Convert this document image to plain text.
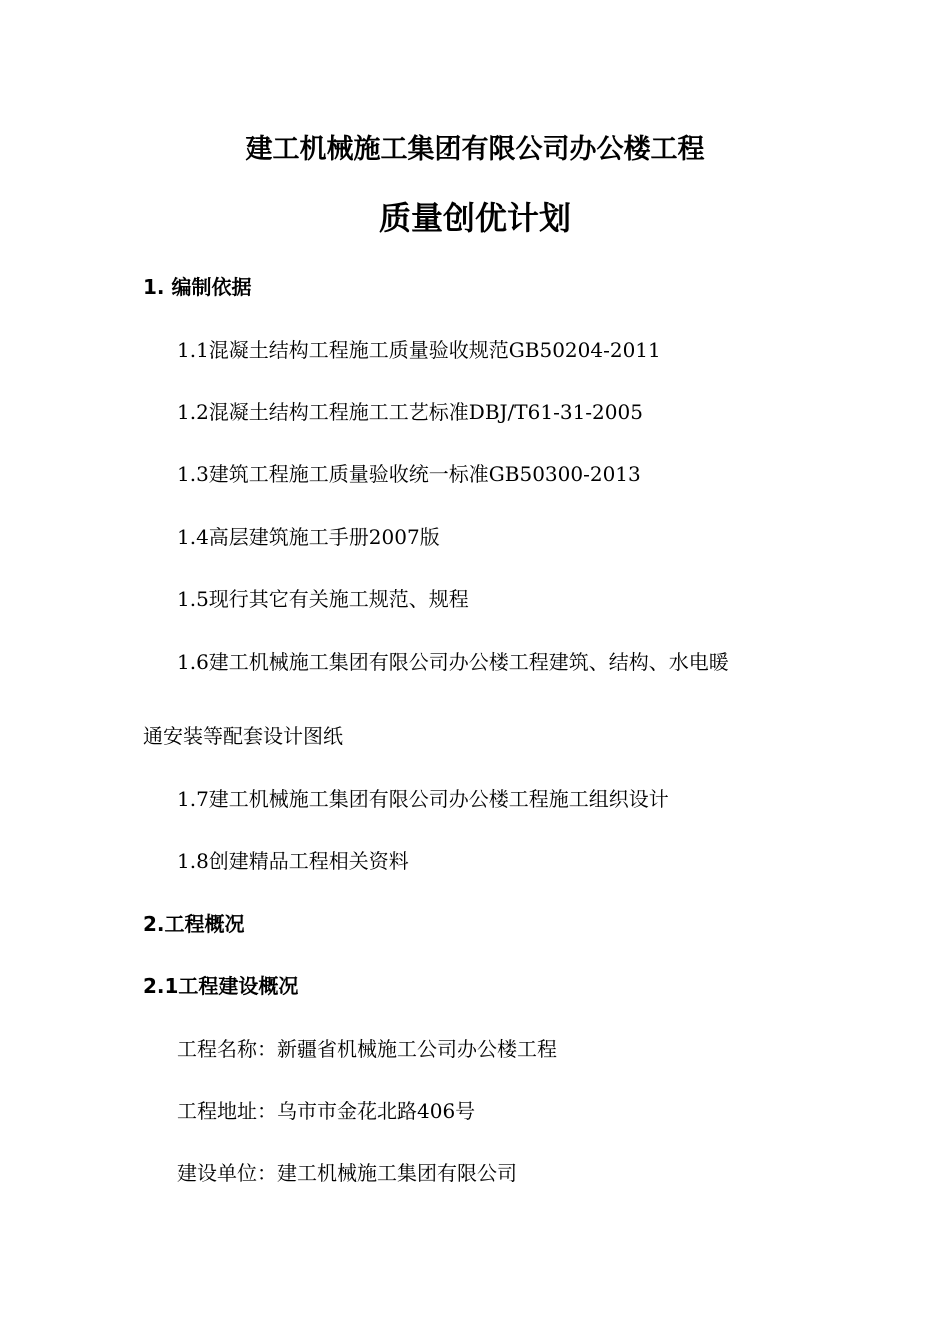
建工机械施工集团有限公司办公楼工程
质量创优计划
1. 编制依据
1.1混凝土结构工程施工质量验收规范GB50204-2011
1.2混凝土结构工程施工工艺标准DBJ/T61-31-2005
1.3建筑工程施工质量验收统一标准GB50300-2013
1.4高层建筑施工手册2007版
1.5现行其它有关施工规范、规程
1.6建工机械施工集团有限公司办公楼工程建筑、结构、水电暖
通安装等配套设计图纸
1.7建工机械施工集团有限公司办公楼工程施工组织设计
1.8创建精品工程相关资料
2.工程概况
2.1工程建设概况
工程名称：新疆省机械施工公司办公楼工程
工程地址：乌市市金花北路406号
建设单位：建工机械施工集团有限公司
